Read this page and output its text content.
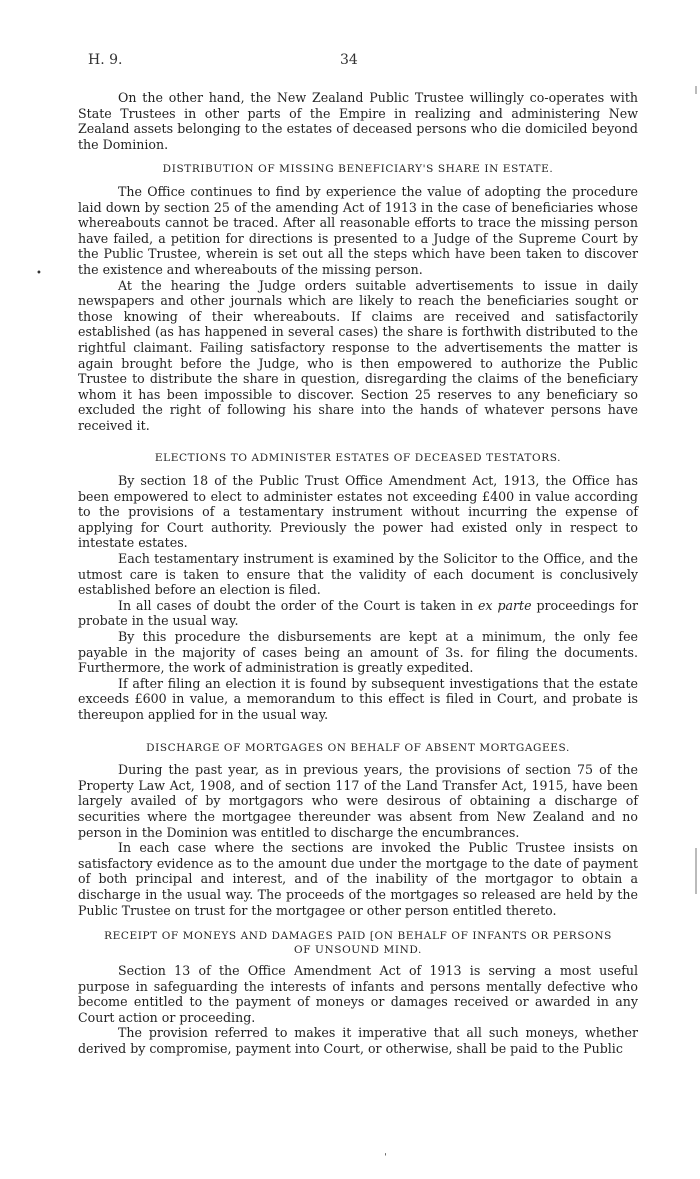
H. 9.	34
•

On the other hand, the New Zealand Public Trustee willingly co-operates with State Trustees in other parts of the Empire in realizing and administering New Zealand assets belonging to the estates of deceased persons who die domiciled beyond the Dominion.

DISTRIBUTION OF MISSING BENEFICIARY'S SHARE IN ESTATE.

The Office continues to find by experience the value of adopting the procedure laid down by section 25 of the amending Act of 1913 in the case of beneficiaries whose whereabouts cannot be traced. After all reasonable efforts to trace the missing person have failed, a petition for directions is presented to a Judge of the Supreme Court by the Public Trustee, wherein is set out all the steps which have been taken to discover the existence and whereabouts of the missing person.

At the hearing the Judge orders suitable advertisements to issue in daily newspapers and other journals which are likely to reach the beneficiaries sought or those knowing of their whereabouts. If claims are received and satisfactorily established (as has happened in several cases) the share is forthwith distributed to the rightful claimant. Failing satisfactory response to the advertisements the matter is again brought before the Judge, who is then empowered to authorize the Public Trustee to distribute the share in question, disregarding the claims of the beneficiary whom it has been impossible to discover. Section 25 reserves to any beneficiary so excluded the right of following his share into the hands of whatever persons have received it.

ELECTIONS TO ADMINISTER ESTATES OF DECEASED TESTATORS.

By section 18 of the Public Trust Office Amendment Act, 1913, the Office has been empowered to elect to administer estates not exceeding £400 in value according to the provisions of a testamentary instrument without incurring the expense of applying for Court authority. Previously the power had existed only in respect to intestate estates.

Each testamentary instrument is examined by the Solicitor to the Office, and the utmost care is taken to ensure that the validity of each document is conclusively established before an election is filed.

In all cases of doubt the order of the Court is taken in ex parte proceedings for probate in the usual way.

By this procedure the disbursements are kept at a minimum, the only fee payable in the majority of cases being an amount of 3s. for filing the documents. Furthermore, the work of administration is greatly expedited.

If after filing an election it is found by subsequent investigations that the estate exceeds £600 in value, a memorandum to this effect is filed in Court, and probate is thereupon applied for in the usual way.

DISCHARGE OF MORTGAGES ON BEHALF OF ABSENT MORTGAGEES.

During the past year, as in previous years, the provisions of section 75 of the Property Law Act, 1908, and of section 117 of the Land Transfer Act, 1915, have been largely availed of by mortgagors who were desirous of obtaining a discharge of securities where the mortgagee thereunder was absent from New Zealand and no person in the Dominion was entitled to discharge the encumbrances.

In each case where the sections are invoked the Public Trustee insists on satisfactory evidence as to the amount due under the mortgage to the date of payment of both principal and interest, and of the inability of the mortgagor to obtain a discharge in the usual way. The proceeds of the mortgages so released are held by the Public Trustee on trust for the mortgagee or other person entitled thereto.

RECEIPT OF MONEYS AND DAMAGES PAID [ON BEHALF OF INFANTS OR PERSONS
OF UNSOUND MIND.

Section 13 of the Office Amendment Act of 1913 is serving a most useful purpose in safeguarding the interests of infants and persons mentally defective who become entitled to the payment of moneys or damages received or awarded in any Court action or proceeding.

The provision referred to makes it imperative that all such moneys, whether derived by compromise, payment into Court, or otherwise, shall be paid to the Public

ˌ
